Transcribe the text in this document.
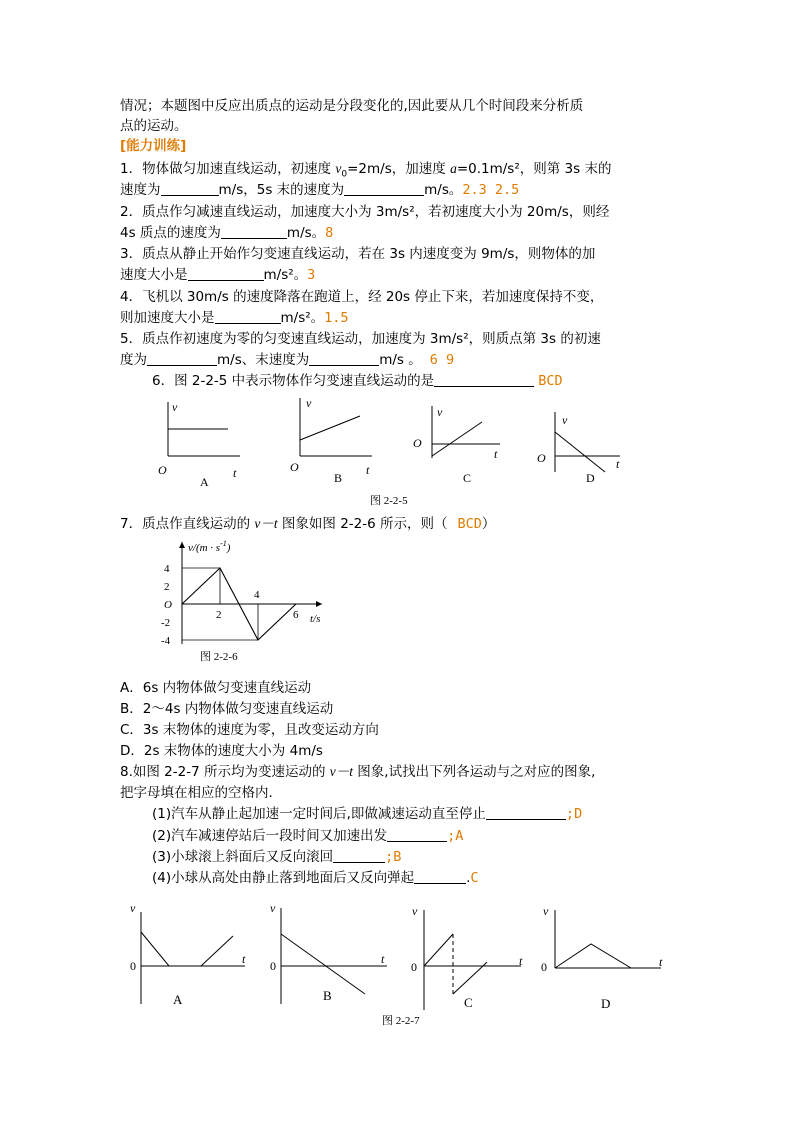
情况；本题图中反应出质点的运动是分段变化的,因此要从几个时间段来分析质
点的运动。
[能力训练]
1．物体做匀加速直线运动，初速度 $v_0=2m/s$，加速度 a=0.1m/s²，则第 3s 末的
速度为	m/s，5s 末的速度为	m/s。2.3 2.5
2．质点作匀减速直线运动，加速度大小为 3m/s²，若初速度大小为 20m/s，则经
4s 质点的速度为	m/s。8
3．质点从静止开始作匀变速直线运动，若在 3s 内速度变为 9m/s，则物体的加
速度大小是	m/s²。3
4．飞机以 30m/s 的速度降落在跑道上，经 20s 停止下来，若加速度保持不变，
则加速度大小是	m/s²。1.5
5．质点作初速度为零的匀变速直线运动，加速度为 3m/s²，则质点第 3s 的初速
度为	m/s、末速度为	m/s 。 6 9
6．图 2-2-5 中表示物体作匀变速直线运动的是	BCD
v
t
O
A
v
t
O
B
v
t
O
C
v
t
O
D
图 2-2-5
7．质点作直线运动的 v－t 图象如图 2-2-6 所示，则（ BCD）
$v/(m \cdot s^{-1})$
4
2
O
-2
-4
2
4
6 t/s
图 2-2-6
A．6s 内物体做匀变速直线运动
B．2～4s 内物体做匀变速直线运动
C．3s 末物体的速度为零，且改变运动方向
D．2s 末物体的速度大小为 4m/s
8.如图 2-2-7 所示均为变速运动的 v－t 图象,试找出下列各运动与之对应的图象,
把字母填在相应的空格内.
(1)汽车从静止起加速一定时间后,即做减速运动直至停止	;D
(2)汽车减速停站后一段时间又加速出发	;A
(3)小球滚上斜面后又反向滚回	;B
(4)小球从高处由静止落到地面后又反向弹起	.C
v
t
0
A
v
t
0
B
v
t
0
C
v
t
0
D
图 2-2-7
